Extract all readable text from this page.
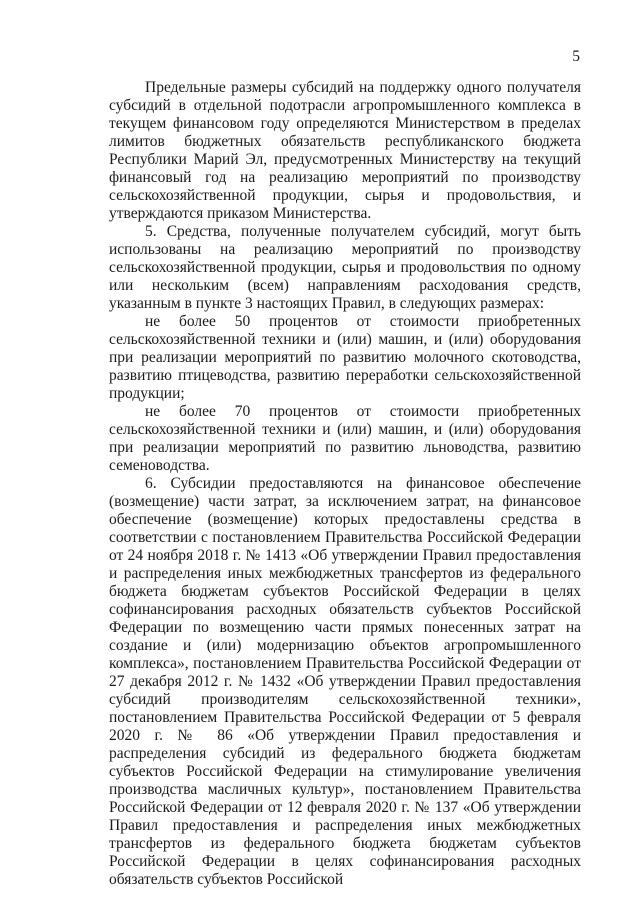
5

Предельные размеры субсидий на поддержку одного получателя субсидий в отдельной подотрасли агропромышленного комплекса в текущем финансовом году определяются Министерством в пределах лимитов бюджетных обязательств республиканского бюджета Республики Марий Эл, предусмотренных Министерству на текущий финансовый год на реализацию мероприятий по производству сельскохозяйственной продукции, сырья и продовольствия, и утверждаются приказом Министерства.

5. Средства, полученные получателем субсидий, могут быть использованы на реализацию мероприятий по производству сельскохозяйственной продукции, сырья и продовольствия по одному или нескольким (всем) направлениям расходования средств, указанным в пункте 3 настоящих Правил, в следующих размерах:

не более 50 процентов от стоимости приобретенных сельскохозяйственной техники и (или) машин, и (или) оборудования при реализации мероприятий по развитию молочного скотоводства, развитию птицеводства, развитию переработки сельскохозяйственной продукции;

не более 70 процентов от стоимости приобретенных сельскохозяйственной техники и (или) машин, и (или) оборудования при реализации мероприятий по развитию льноводства, развитию семеноводства.

6. Субсидии предоставляются на финансовое обеспечение (возмещение) части затрат, за исключением затрат, на финансовое обеспечение (возмещение) которых предоставлены средства в соответствии с постановлением Правительства Российской Федерации от 24 ноября 2018 г. № 1413 «Об утверждении Правил предоставления и распределения иных межбюджетных трансфертов из федерального бюджета бюджетам субъектов Российской Федерации в целях софинансирования расходных обязательств субъектов Российской Федерации по возмещению части прямых понесенных затрат на создание и (или) модернизацию объектов агропромышленного комплекса», постановлением Правительства Российской Федерации от 27 декабря 2012 г. № 1432 «Об утверждении Правил предоставления субсидий производителям сельскохозяйственной техники», постановлением Правительства Российской Федерации от 5 февраля 2020 г. № 86 «Об утверждении Правил предоставления и распределения субсидий из федерального бюджета бюджетам субъектов Российской Федерации на стимулирование увеличения производства масличных культур», постановлением Правительства Российской Федерации от 12 февраля 2020 г. № 137 «Об утверждении Правил предоставления и распределения иных межбюджетных трансфертов из федерального бюджета бюджетам субъектов Российской Федерации в целях софинансирования расходных обязательств субъектов Российской
